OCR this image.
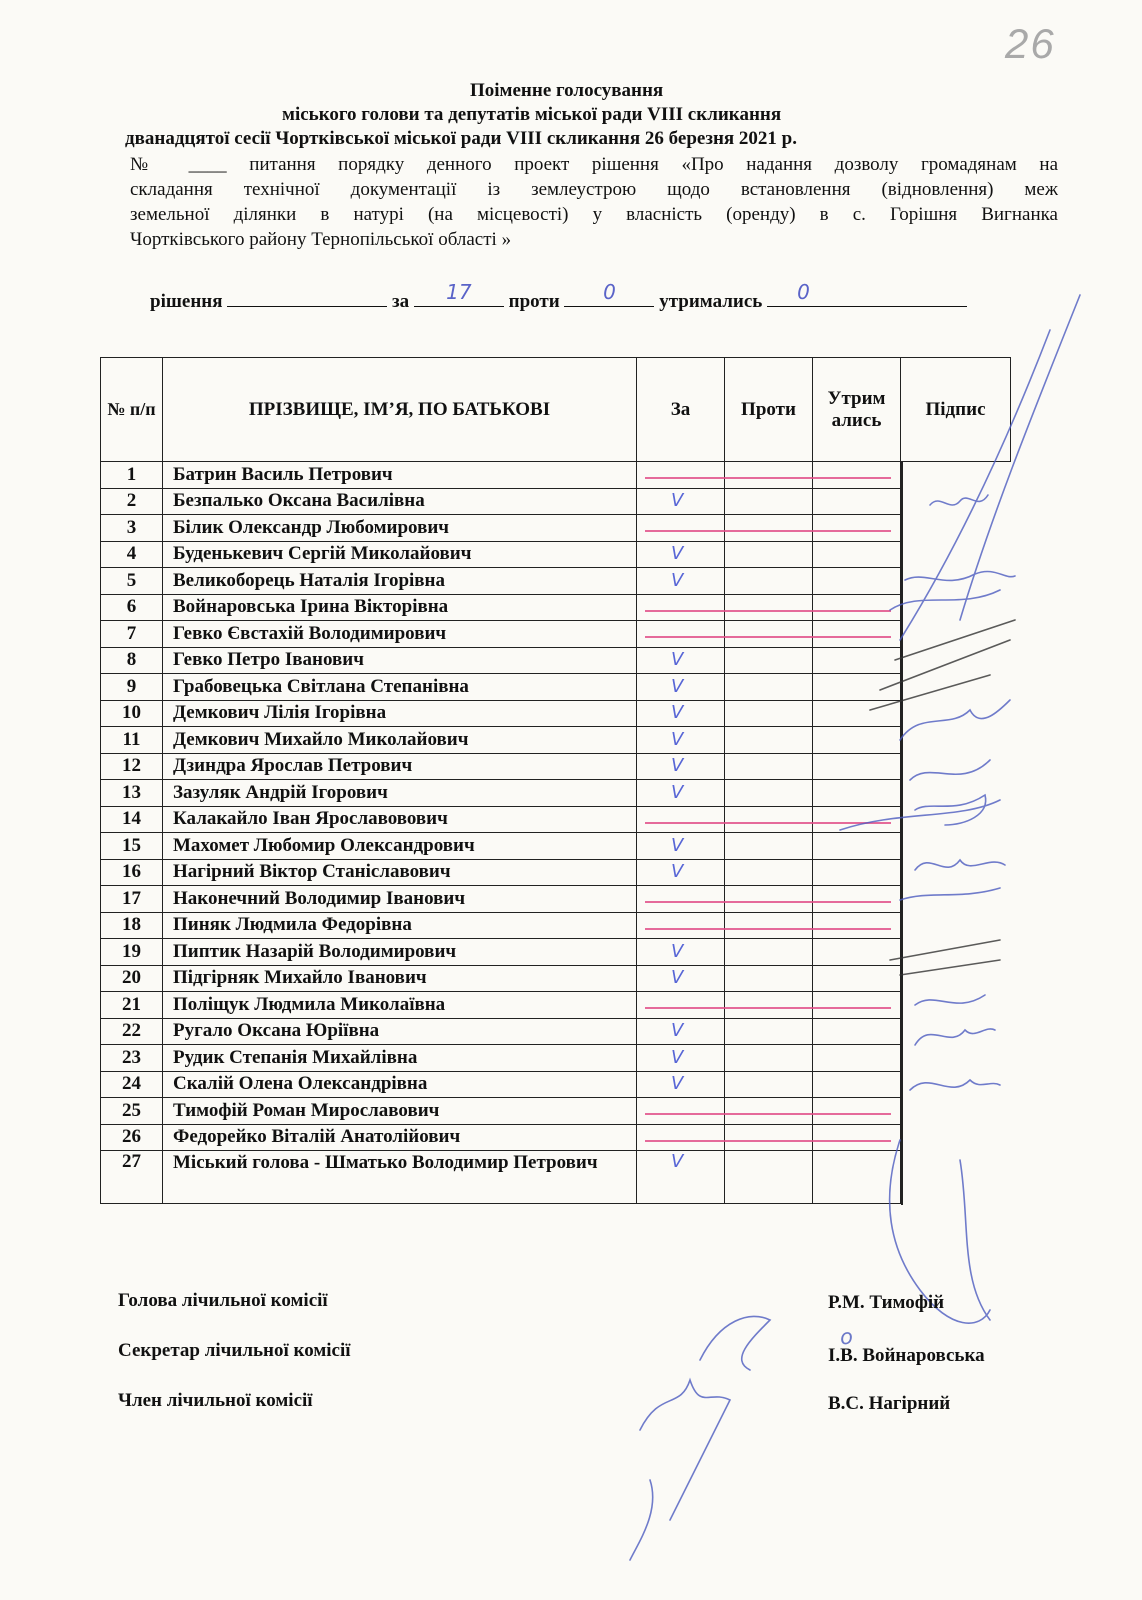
26
Поіменне голосування
міського голови та депутатів міської ради VIII скликання
дванадцятої сесії Чортківської міської ради VIII скликання 26 березня 2021 р.
№ ____ питання порядку денного проект рішення «Про надання дозволу громадянам на
складання технічної документації із землеустрою щодо встановлення (відновлення) меж
земельної ділянки в натурі (на місцевості) у власність (оренду) в с. Горішня Вигнанка
Чортківського району Тернопільської області »
рішення	за	17	проти	0	утримались 0
№ п/п	ПРІЗВИЩЕ, ІМ’Я, ПО БАТЬКОВІ	За	Проти	Утримались	Підпис
1	Батрин Василь Петрович				

2	Безпалько Оксана Василівна	V			

3	Білик Олександр Любомирович				

4	Буденькевич Сергій Миколайович	V			

5	Великоборець Наталія Ігорівна	V			

6	Войнаровська Ірина Вікторівна				

7	Гевко Євстахій Володимирович				

8	Гевко Петро Іванович	V			

9	Грабовецька Світлана Степанівна	V			

10	Демкович Лілія Ігорівна	V			

11	Демкович Михайло Миколайович	V			

12	Дзиндра Ярослав Петрович	V			

13	Зазуляк Андрій Ігорович	V			

14	Калакайло Іван Ярославовович				

15	Махомет Любомир Олександрович	V			

16	Нагірний Віктор Станіславович	V			

17	Наконечний Володимир Іванович				

18	Пиняк Людмила Федорівна				

19	Пиптик Назарій Володимирович	V			

20	Підгірняк Михайло Іванович	V			

21	Поліщук Людмила Миколаївна				

22	Ругало Оксана Юріївна	V			

23	Рудик Степанія Михайлівна	V			

24	Скалій Олена Олександрівна	V			

25	Тимофій Роман Мирославович				

26	Федорейко Віталій Анатолійович				

27	Міський голова - Шматько Володимир Петрович	V			
о
Голова лічильної комісії	Р.М. Тимофій
Секретар лічильної комісії	І.В. Войнаровська
Член лічильної комісії	В.С. Нагірний
